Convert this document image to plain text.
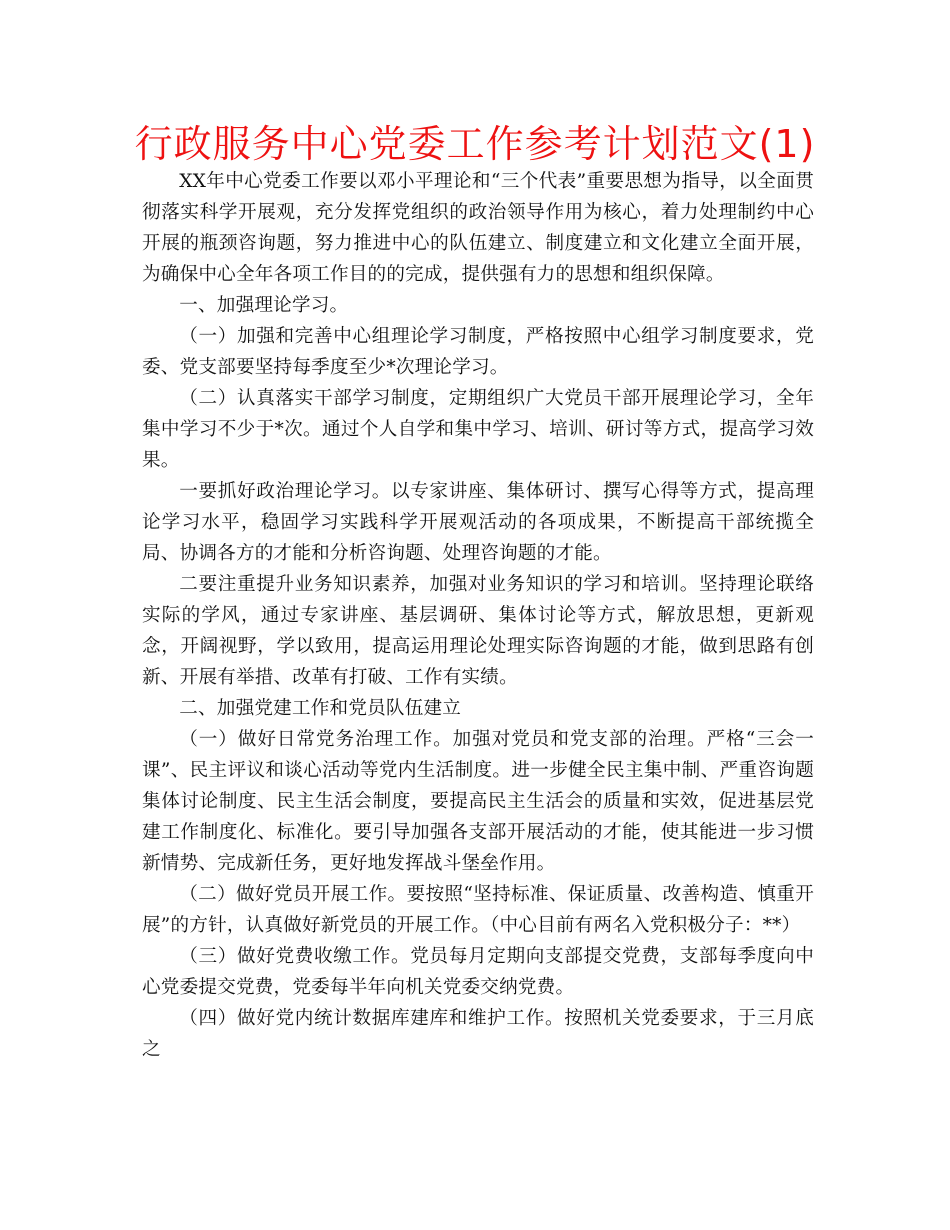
行政服务中心党委工作参考计划范文(1)

XX年中心党委工作要以邓小平理论和“三个代表”重要思想为指导，以全面贯彻落实科学开展观，充分发挥党组织的政治领导作用为核心，着力处理制约中心开展的瓶颈咨询题，努力推进中心的队伍建立、制度建立和文化建立全面开展，为确保中心全年各项工作目的的完成，提供强有力的思想和组织保障。

一、加强理论学习。

（一）加强和完善中心组理论学习制度，严格按照中心组学习制度要求，党委、党支部要坚持每季度至少*次理论学习。

（二）认真落实干部学习制度，定期组织广大党员干部开展理论学习，全年集中学习不少于*次。通过个人自学和集中学习、培训、研讨等方式，提高学习效果。

一要抓好政治理论学习。以专家讲座、集体研讨、撰写心得等方式，提高理论学习水平，稳固学习实践科学开展观活动的各项成果，不断提高干部统揽全局、协调各方的才能和分析咨询题、处理咨询题的才能。

二要注重提升业务知识素养，加强对业务知识的学习和培训。坚持理论联络实际的学风，通过专家讲座、基层调研、集体讨论等方式，解放思想，更新观念，开阔视野，学以致用，提高运用理论处理实际咨询题的才能，做到思路有创新、开展有举措、改革有打破、工作有实绩。

二、加强党建工作和党员队伍建立

（一）做好日常党务治理工作。加强对党员和党支部的治理。严格“三会一课”、民主评议和谈心活动等党内生活制度。进一步健全民主集中制、严重咨询题集体讨论制度、民主生活会制度，要提高民主生活会的质量和实效，促进基层党建工作制度化、标准化。要引导加强各支部开展活动的才能，使其能进一步习惯新情势、完成新任务，更好地发挥战斗堡垒作用。

（二）做好党员开展工作。要按照“坚持标准、保证质量、改善构造、慎重开展”的方针，认真做好新党员的开展工作。（中心目前有两名入党积极分子：**）

（三）做好党费收缴工作。党员每月定期向支部提交党费，支部每季度向中心党委提交党费，党委每半年向机关党委交纳党费。

（四）做好党内统计数据库建库和维护工作。按照机关党委要求，于三月底之
